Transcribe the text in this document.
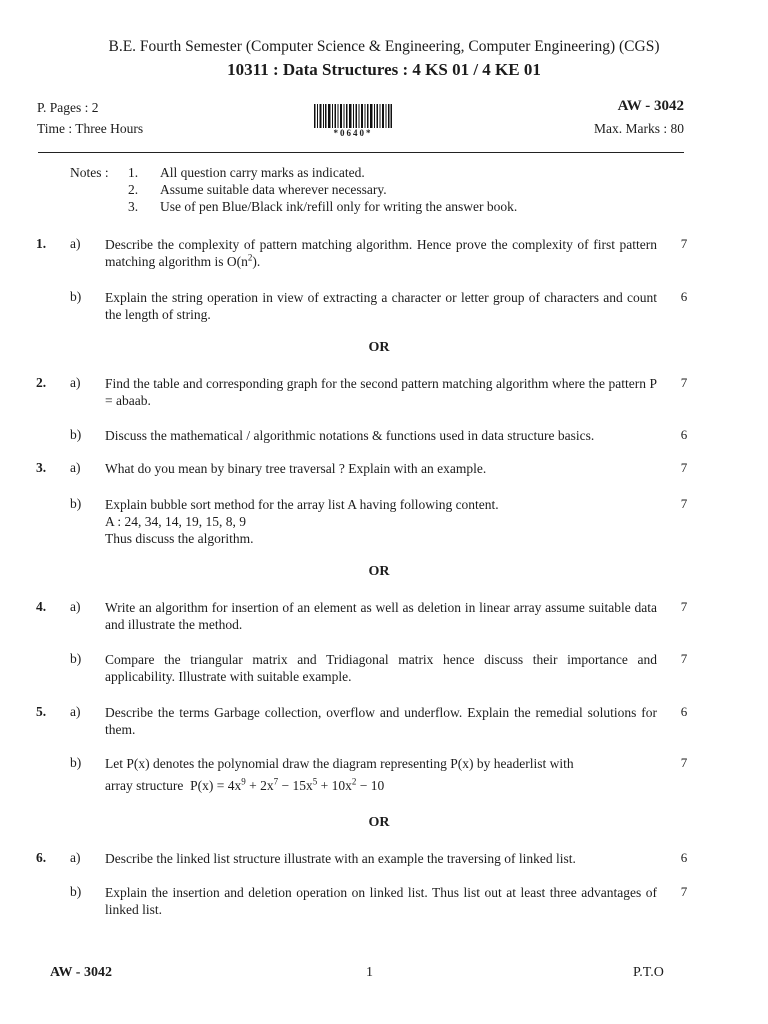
B.E. Fourth Semester (Computer Science & Engineering, Computer Engineering) (CGS)
10311 : Data Structures : 4 KS 01 / 4 KE 01
P. Pages : 2
Time : Three Hours	*0640*
AW - 3042
Max. Marks : 80
Notes : 1. All question carry marks as indicated.
2. Assume suitable data wherever necessary.
3. Use of pen Blue/Black ink/refill only for writing the answer book.
1. a) Describe the complexity of pattern matching algorithm. Hence prove the complexity of first pattern matching algorithm is $O(n^2)$.
7
b) Explain the string operation in view of extracting a character or letter group of characters and count the length of string.
6
OR
2. a) Find the table and corresponding graph for the second pattern matching algorithm where the pattern P = abaab.
7
b) Discuss the mathematical / algorithmic notations & functions used in data structure basics.	6
3. a) What do you mean by binary tree traversal ? Explain with an example.	7
b) Explain bubble sort method for the array list A having following content.
A : 24, 34, 14, 19, 15, 8, 9
Thus discuss the algorithm.
7
OR
4. a) Write an algorithm for insertion of an element as well as deletion in linear array assume suitable data and illustrate the method.
7
b) Compare the triangular matrix and Tridiagonal matrix hence discuss their importance and applicability. Illustrate with suitable example.
7
5. a) Describe the terms Garbage collection, overflow and underflow. Explain the remedial solutions for them.
6
b) Let P(x) denotes the polynomial draw the diagram representing P(x) by headerlist with
array structure $P(x) = 4x^9 + 2x^7 - 15x^5 + 10x^2 - 10$
7
OR
6. a) Describe the linked list structure illustrate with an example the traversing of linked list.	6
b) Explain the insertion and deletion operation on linked list. Thus list out at least three advantages of linked list.
7
AW - 3042	1	P.T.O
